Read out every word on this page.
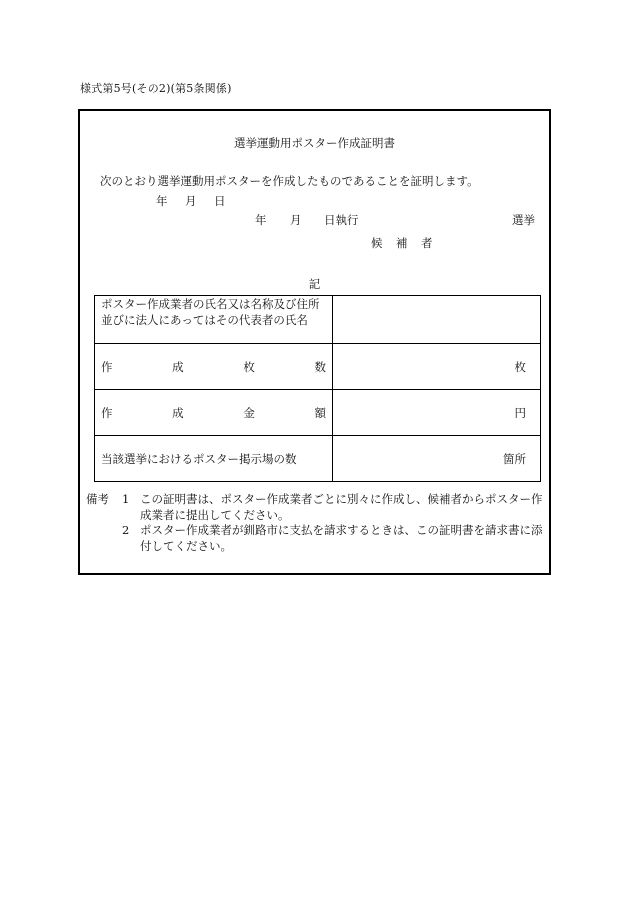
様式第5号(その2)(第5条関係)
選挙運動用ポスター作成証明書
次のとおり選挙運動用ポスターを作成したものであることを証明します。
年 月 日
年 月 日執行	選挙
候 補 者
記
ポスター作成業者の氏名又は名称及び住所並びに法人にあってはその代表者の氏名	

作 成 枚 数	枚

作 成 金 額	円
当該選挙におけるポスター掲示場の数	箇所
備考	1 この証明書は、ポスター作成業者ごとに別々に作成し、候補者からポスター作成業者に提出してください。
2 ポスター作成業者が釧路市に支払を請求するときは、この証明書を請求書に添付してください。
